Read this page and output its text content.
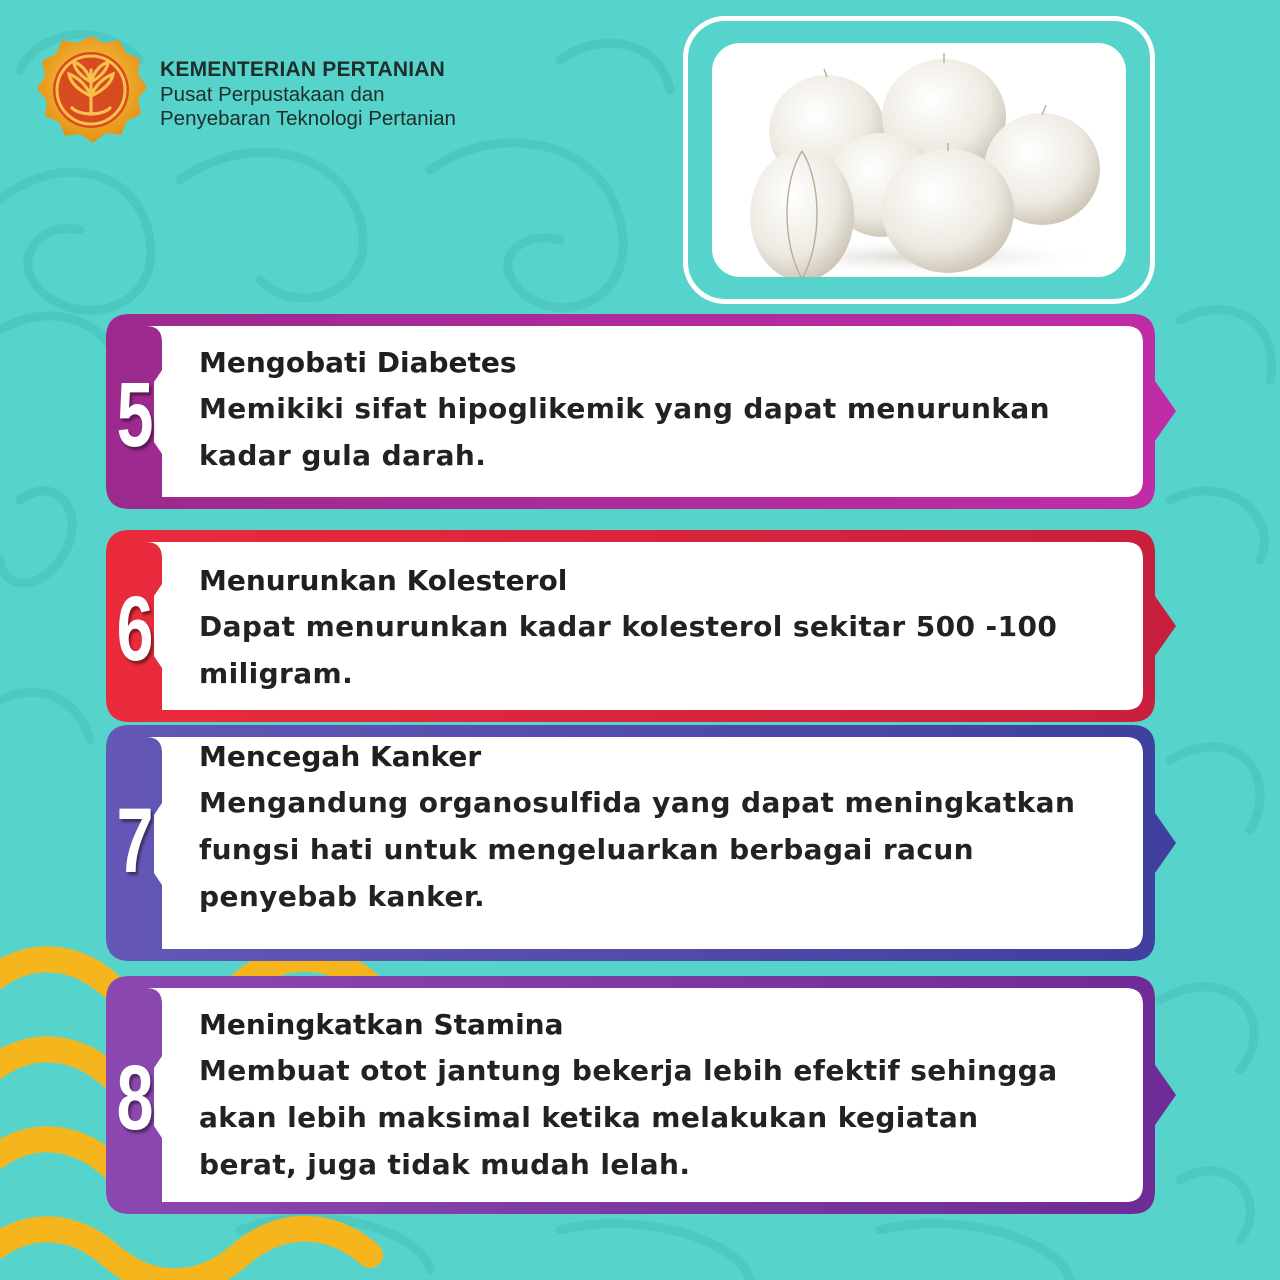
KEMENTERIAN PERTANIAN
Pusat Perpustakaan dan
Penyebaran Teknologi Pertanian
5
Mengobati Diabetes
Memikiki sifat hipoglikemik yang dapat menurunkan
kadar gula darah.
6 Menurunkan Kolesterol
Dapat menurunkan kadar kolesterol sekitar 500 -100
miligram.
7
Mencegah Kanker
Mengandung organosulfida yang dapat meningkatkan
fungsi hati untuk mengeluarkan berbagai racun
penyebab kanker.
8
Meningkatkan Stamina
Membuat otot jantung bekerja lebih efektif sehingga
akan lebih maksimal ketika melakukan kegiatan
berat, juga tidak mudah lelah.
